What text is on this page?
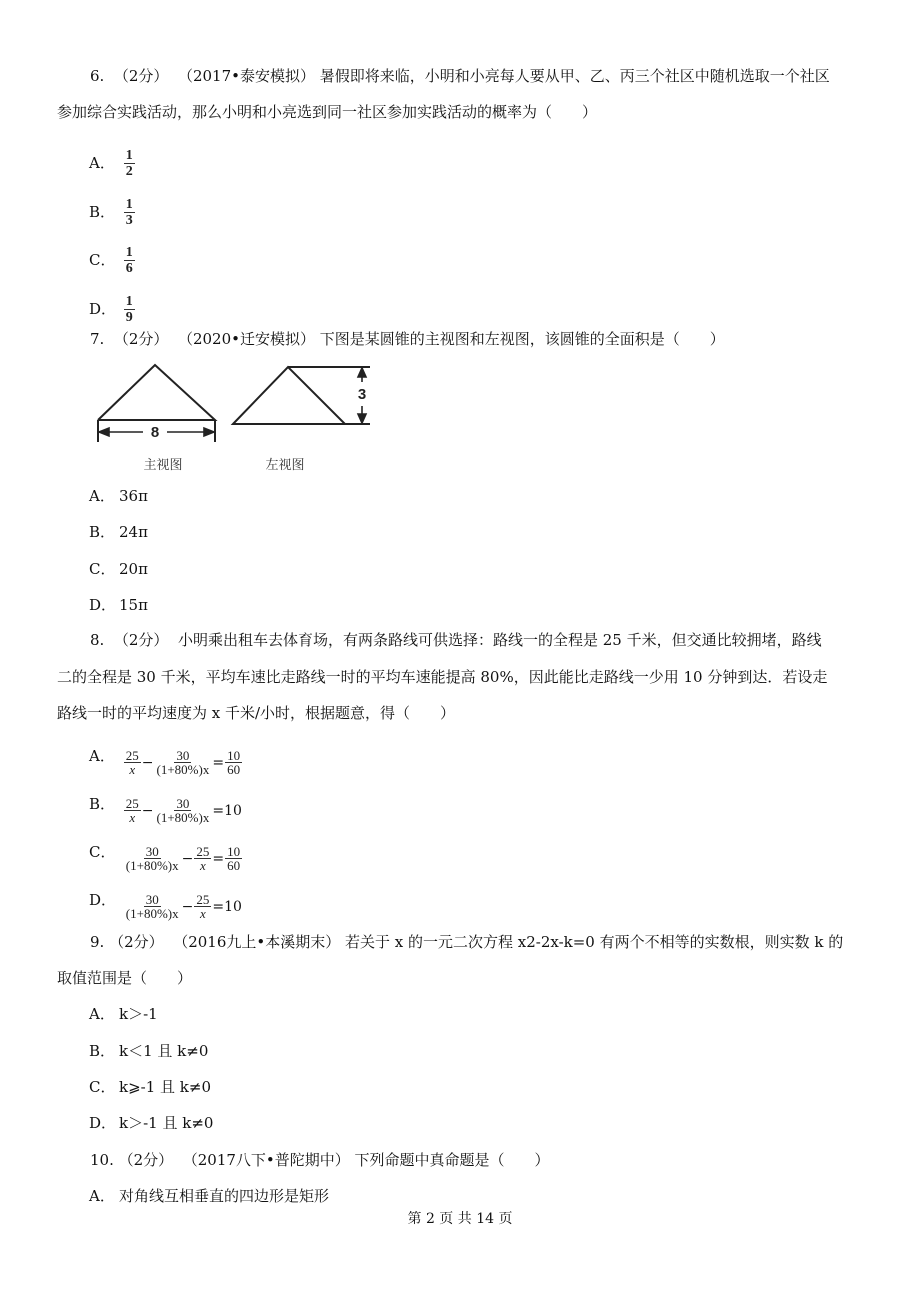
6. （2分） （2017•泰安模拟） 暑假即将来临，小明和小亮每人要从甲、乙、丙三个社区中随机选取一个社区
参加综合实践活动，那么小明和小亮选到同一社区参加实践活动的概率为（　　）
A． $\frac{1}{2}$
B． $\frac{1}{3}$
C． $\frac{1}{6}$
D． $\frac{1}{9}$
7. （2分） （2020•迁安模拟） 下图是某圆锥的主视图和左视图，该圆锥的全面积是（　　）
8
3
主视图	左视图
A． 36π
B． 24π
C． 20π
D． 15π
8. （2分） 小明乘出租车去体育场，有两条路线可供选择：路线一的全程是 25 千米，但交通比较拥堵，路线
二的全程是 30 千米，平均车速比走路线一时的平均车速能提高 80%，因此能比走路线一少用 10 分钟到达．若设走
路线一时的平均速度为 x 千米/小时，根据题意，得（　　）
A． $\frac{25}{x} - \frac{30}{(1+80\%)x} = \frac{10}{60}$
B． $\frac{25}{x} - \frac{30}{(1+80\%)x} =10$
C． $\frac{30}{(1+80\%)x} - \frac{25}{x} = \frac{10}{60}$
D． $\frac{30}{(1+80\%)x} - \frac{25}{x} =10$
9. （2分） （2016九上•本溪期末） 若关于 x 的一元二次方程 x2-2x-k=0 有两个不相等的实数根，则实数 k 的
取值范围是（　　）
A． k＞-1
B． k＜1 且 k≠0
C． k⩾-1 且 k≠0
D． k＞-1 且 k≠0
10. （2分） （2017八下•普陀期中） 下列命题中真命题是（　　）
A． 对角线互相垂直的四边形是矩形
第 2 页 共 14 页
